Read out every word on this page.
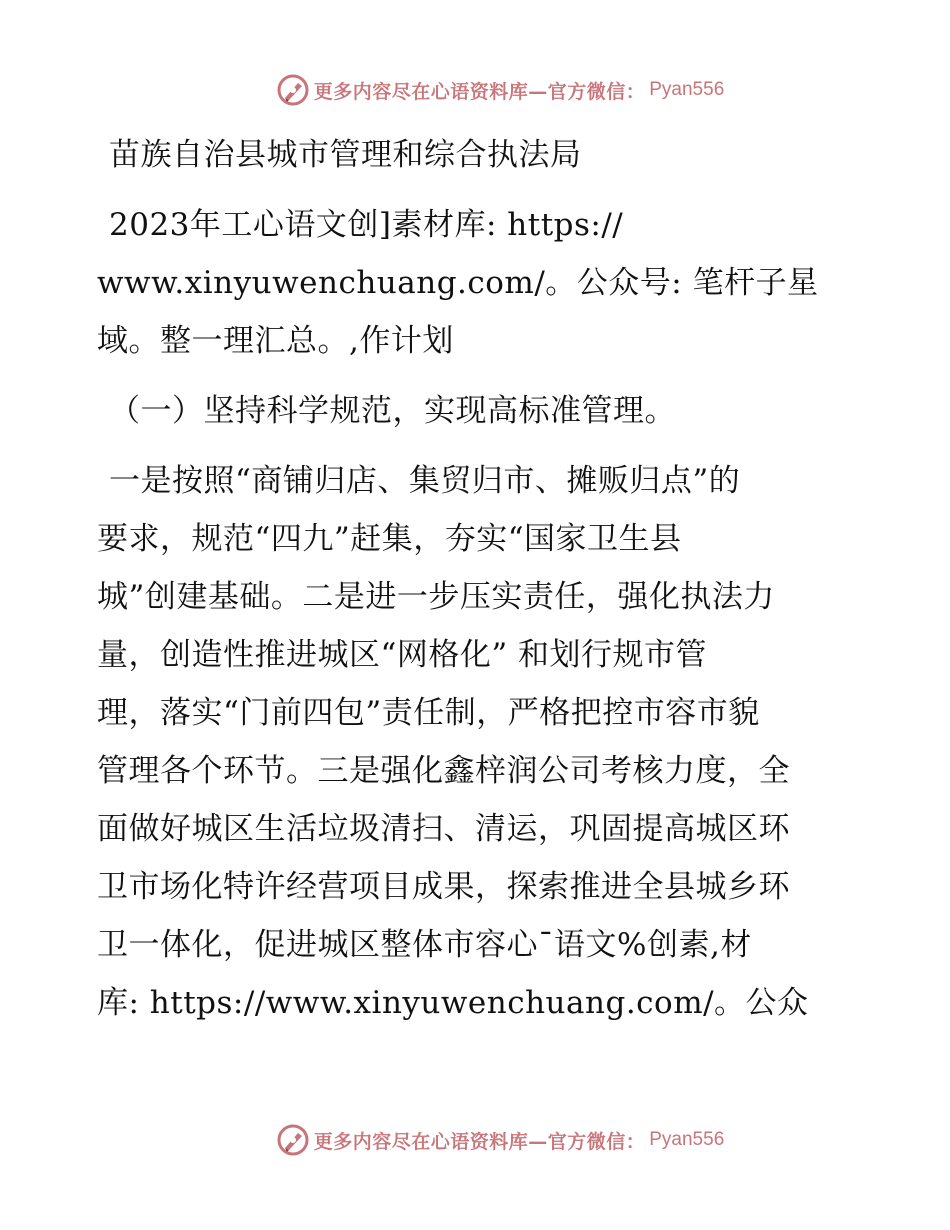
更多内容尽在心语资料库—官方微信： Pyan556
苗族自治县城市管理和综合执法局
2023年工心语文创]素材库: https://
www.xinyuwenchuang.com/。公众号: 笔杆子星
域。整一理汇总。,作计划
（一）坚持科学规范，实现高标准管理。
一是按照“商铺归店、集贸归市、摊贩归点”的
要求，规范“四九”赶集，夯实“国家卫生县
城”创建基础。二是进一步压实责任，强化执法力
量，创造性推进城区“网格化” 和划行规市管
理，落实“门前四包”责任制，严格把控市容市貌
管理各个环节。三是强化鑫梓润公司考核力度，全
面做好城区生活垃圾清扫、清运，巩固提高城区环
卫市场化特许经营项目成果，探索推进全县城乡环
卫一体化，促进城区整体市容心¯语文%创素,材
库: https://www.xinyuwenchuang.com/。公众
更多内容尽在心语资料库—官方微信： Pyan556
